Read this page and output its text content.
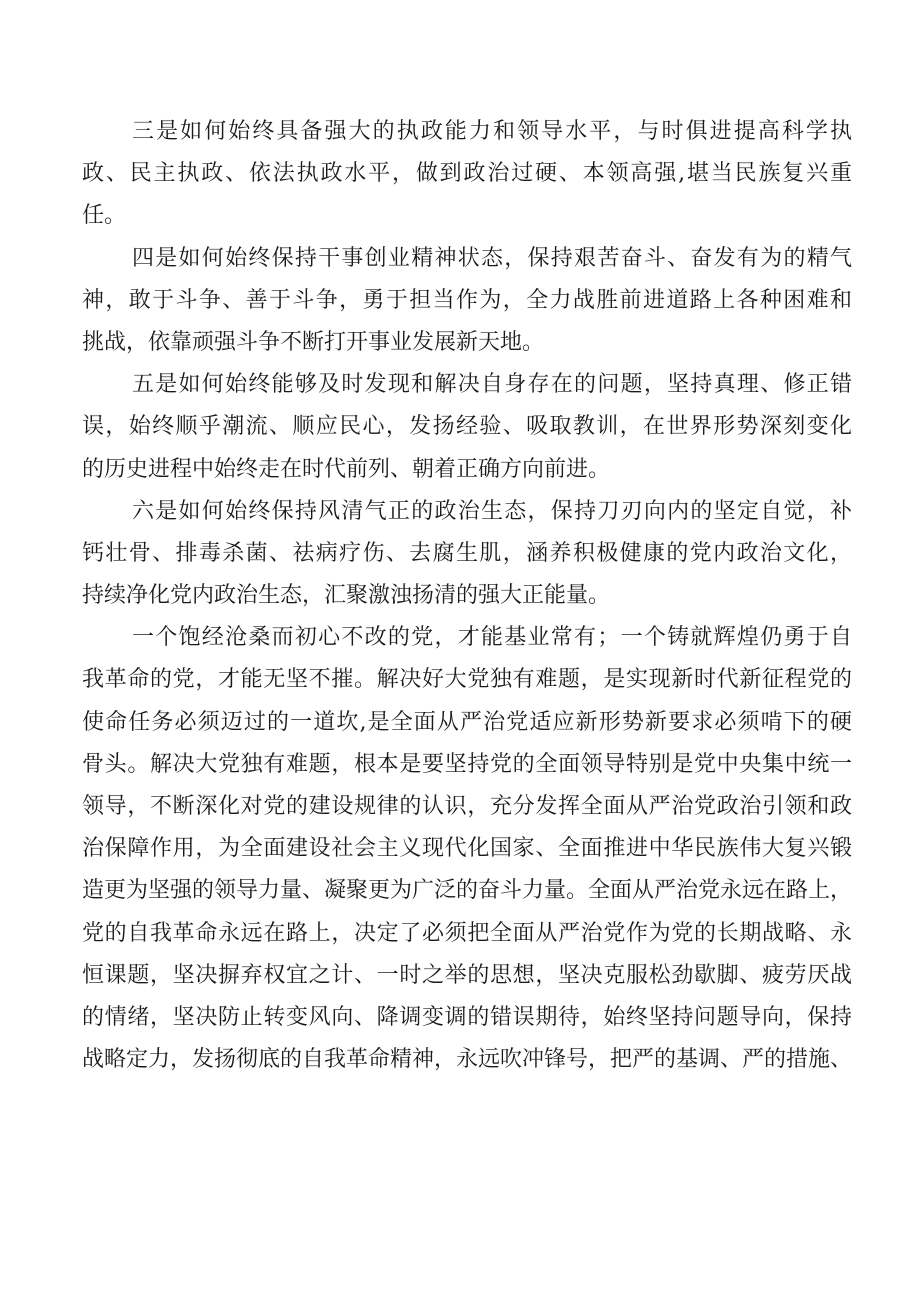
三是如何始终具备强大的执政能力和领导水平，与时俱进提高科学执
政、民主执政、依法执政水平，做到政治过硬、本领高强,堪当民族复兴重
任。
四是如何始终保持干事创业精神状态，保持艰苦奋斗、奋发有为的精气
神，敢于斗争、善于斗争，勇于担当作为，全力战胜前进道路上各种困难和
挑战，依靠顽强斗争不断打开事业发展新天地。
五是如何始终能够及时发现和解决自身存在的问题，坚持真理、修正错
误，始终顺乎潮流、顺应民心，发扬经验、吸取教训，在世界形势深刻变化
的历史进程中始终走在时代前列、朝着正确方向前进。
六是如何始终保持风清气正的政治生态，保持刀刃向内的坚定自觉，补
钙壮骨、排毒杀菌、祛病疗伤、去腐生肌，涵养积极健康的党内政治文化，
持续净化党内政治生态，汇聚激浊扬清的强大正能量。
一个饱经沧桑而初心不改的党，才能基业常有；一个铸就辉煌仍勇于自
我革命的党，才能无坚不摧。解决好大党独有难题，是实现新时代新征程党的
使命任务必须迈过的一道坎,是全面从严治党适应新形势新要求必须啃下的硬
骨头。解决大党独有难题，根本是要坚持党的全面领导特别是党中央集中统一
领导，不断深化对党的建设规律的认识，充分发挥全面从严治党政治引领和政
治保障作用，为全面建设社会主义现代化国家、全面推进中华民族伟大复兴锻
造更为坚强的领导力量、凝聚更为广泛的奋斗力量。全面从严治党永远在路上，
党的自我革命永远在路上，决定了必须把全面从严治党作为党的长期战略、永
恒课题，坚决摒弃权宜之计、一时之举的思想，坚决克服松劲歇脚、疲劳厌战
的情绪，坚决防止转变风向、降调变调的错误期待，始终坚持问题导向，保持
战略定力，发扬彻底的自我革命精神，永远吹冲锋号，把严的基调、严的措施、
